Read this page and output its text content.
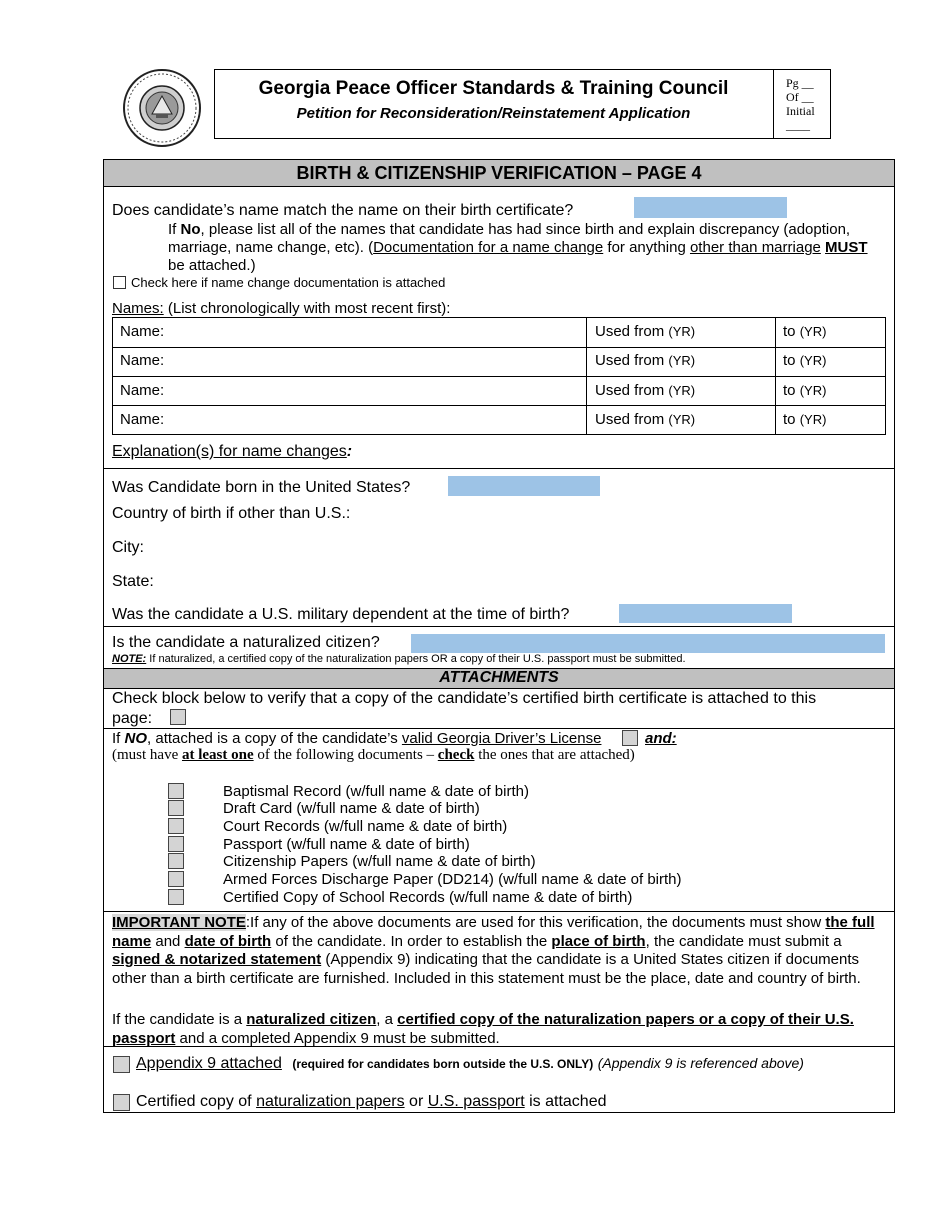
Georgia Peace Officer Standards & Training Council
Petition for Reconsideration/Reinstatement Application
Pg __
Of __
Initial
____
BIRTH & CITIZENSHIP VERIFICATION – PAGE 4
Does candidate’s name match the name on their birth certificate?
If No, please list all of the names that candidate has had since birth and explain discrepancy (adoption, marriage, name change, etc). (Documentation for a name change for anything other than marriage MUST be attached.)
Check here if name change documentation is attached
Names: (List chronologically with most recent first):
Name:	Used from (YR)	to (YR)
Name:	Used from (YR)	to (YR)
Name:	Used from (YR)	to (YR)
Name:	Used from (YR)	to (YR)
Explanation(s) for name changes:
Was Candidate born in the United States?
Country of birth if other than U.S.:
City:
State:
Was the candidate a U.S. military dependent at the time of birth?
Is the candidate a naturalized citizen?
NOTE: If naturalized, a certified copy of the naturalization papers OR a copy of their U.S. passport must be submitted.
ATTACHMENTS
Check block below to verify that a copy of the candidate’s certified birth certificate is attached to this
page:
If NO, attached is a copy of the candidate’s valid Georgia Driver’s License	and:
(must have at least one of the following documents – check the ones that are attached)
Baptismal Record (w/full name & date of birth)
Draft Card (w/full name & date of birth)
Court Records (w/full name & date of birth)
Passport (w/full name & date of birth)
Citizenship Papers (w/full name & date of birth)
Armed Forces Discharge Paper (DD214) (w/full name & date of birth)
Certified Copy of School Records (w/full name & date of birth)
IMPORTANT NOTE:If any of the above documents are used for this verification, the documents must show the full name and date of birth of the candidate. In order to establish the place of birth, the candidate must submit a signed & notarized statement (Appendix 9) indicating that the candidate is a United States citizen if documents other than a birth certificate are furnished. Included in this statement must be the place, date and country of birth.
If the candidate is a naturalized citizen, a certified copy of the naturalization papers or a copy of their U.S. passport and a completed Appendix 9 must be submitted.
Appendix 9 attached (required for candidates born outside the U.S. ONLY) (Appendix 9 is referenced above)
Certified copy of naturalization papers or U.S. passport is attached
